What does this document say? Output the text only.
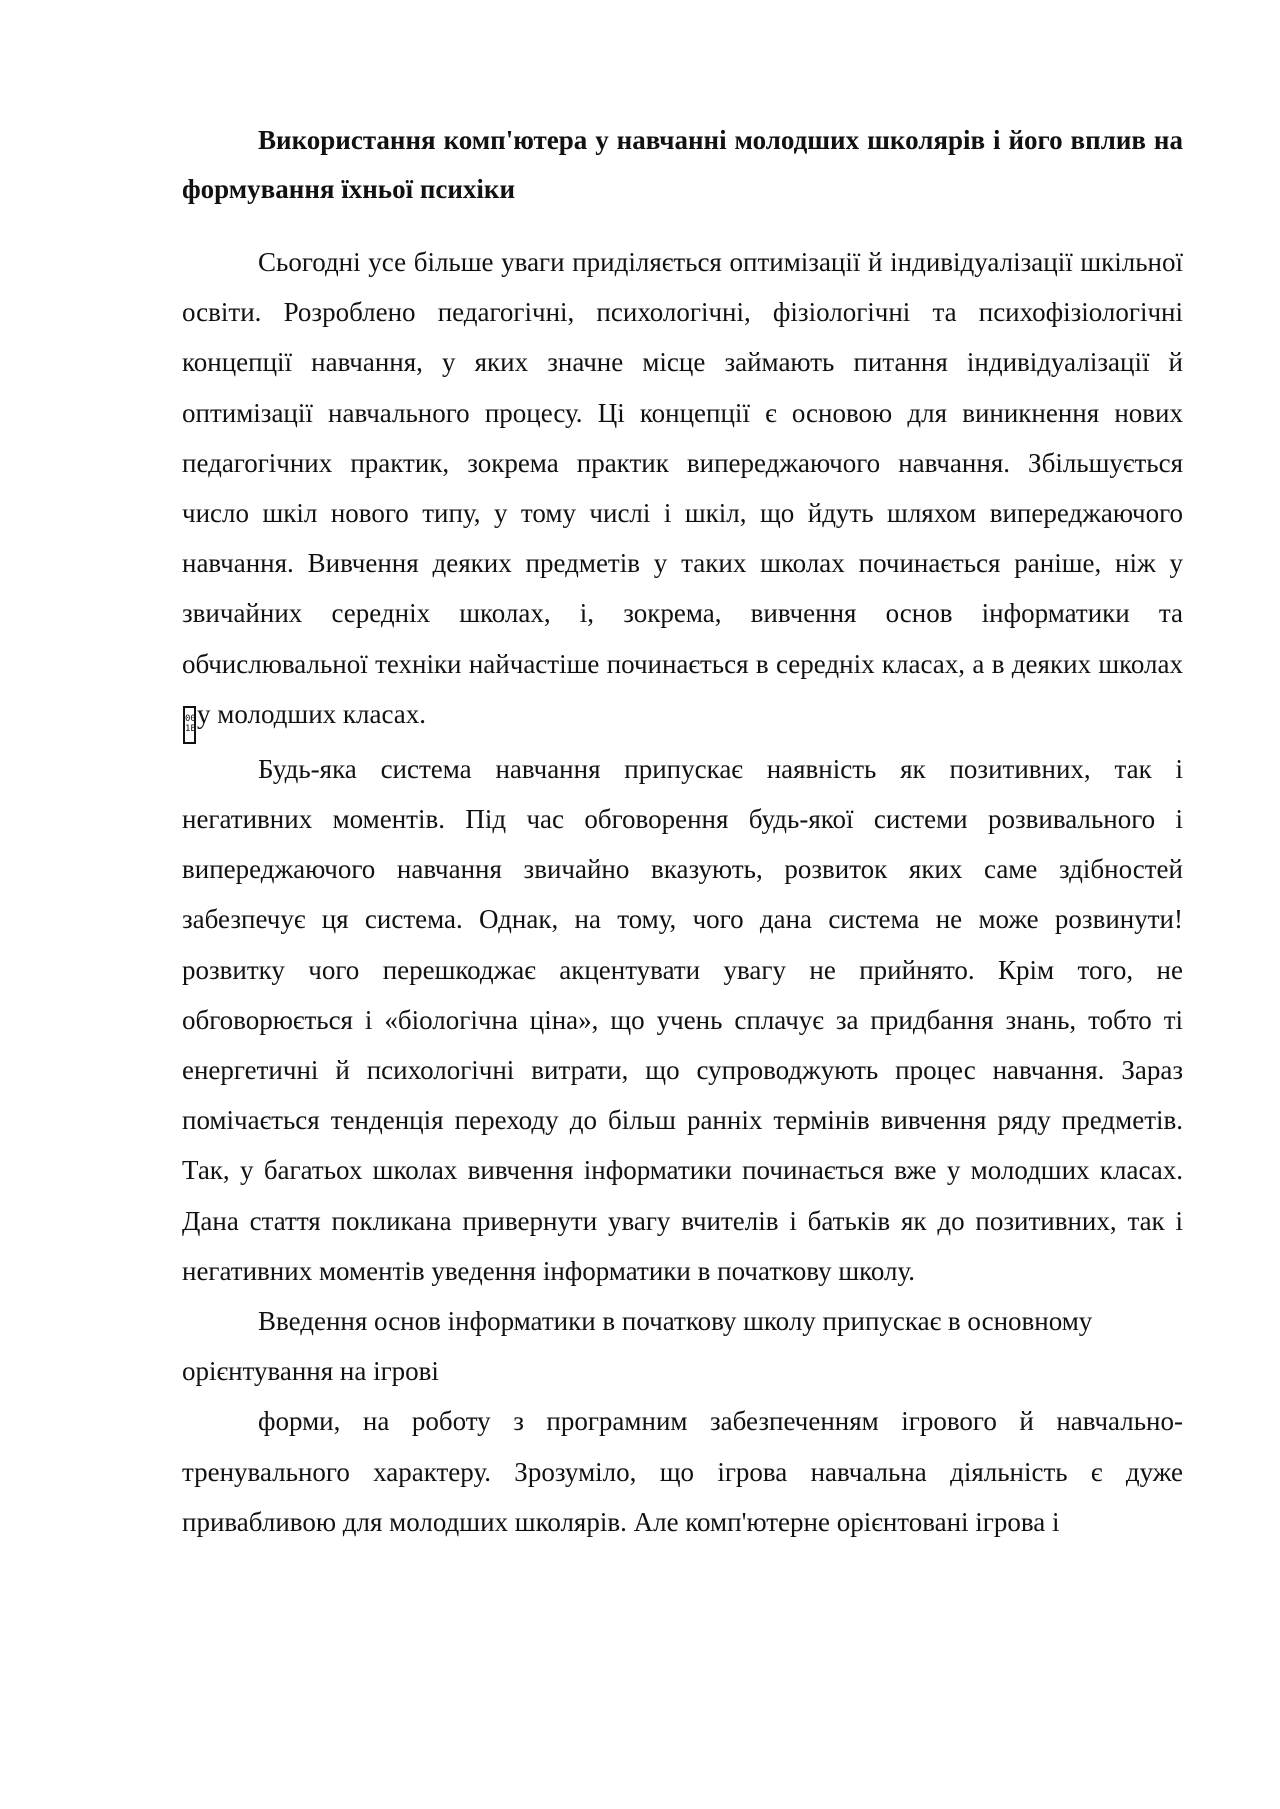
Використання комп'ютера у навчанні молодших школярів і його вплив на формування їхньої психіки

Сьогодні усе більше уваги приділяється оптимізації й індивідуалізації шкільної освіти. Розроблено педагогічні, психологічні, фізіологічні та психофізіологічні концепції навчання, у яких значне місце займають питання індивідуалізації й оптимізації навчального процесу. Ці концепції є основою для виникнення нових педагогічних практик, зокрема практик випереджаючого навчання. Збільшується число шкіл нового типу, у тому числі і шкіл, що йдуть шляхом випереджаючого навчання. Вивчення деяких предметів у таких школах починається раніше, ніж у звичайних середніх школах, і, зокрема, вивчення основ інформатики та обчислювальної техніки найчастіше починається в середніх класах, а в деяких школах
00 1E у молодших класах.

Будь-яка система навчання припускає наявність як позитивних, так і негативних моментів. Під час обговорення будь-якої системи розвивального і випереджаючого навчання звичайно вказують, розвиток яких саме здібностей забезпечує ця система. Однак, на тому, чого дана система не може розвинути! розвитку чого перешкоджає акцентувати увагу не прийнято. Крім того, не обговорюється і «біологічна ціна», що учень сплачує за придбання знань, тобто ті енергетичні й психологічні витрати, що супроводжують процес навчання. Зараз помічається тенденція переходу до більш ранніх термінів вивчення ряду предметів. Так, у багатьох школах вивчення інформатики починається вже у молодших класах. Дана стаття покликана привернути увагу вчителів і батьків як до позитивних, так і негативних моментів уведення інформатики в початкову школу.

Введення основ інформатики в початкову школу припускає в основному

орієнтування на ігрові

форми, на роботу з програмним забезпеченням ігрового й навчально-тренувального характеру. Зрозуміло, що ігрова навчальна діяльність є дуже привабливою для молодших школярів. Але комп'ютерне орієнтовані ігрова і
